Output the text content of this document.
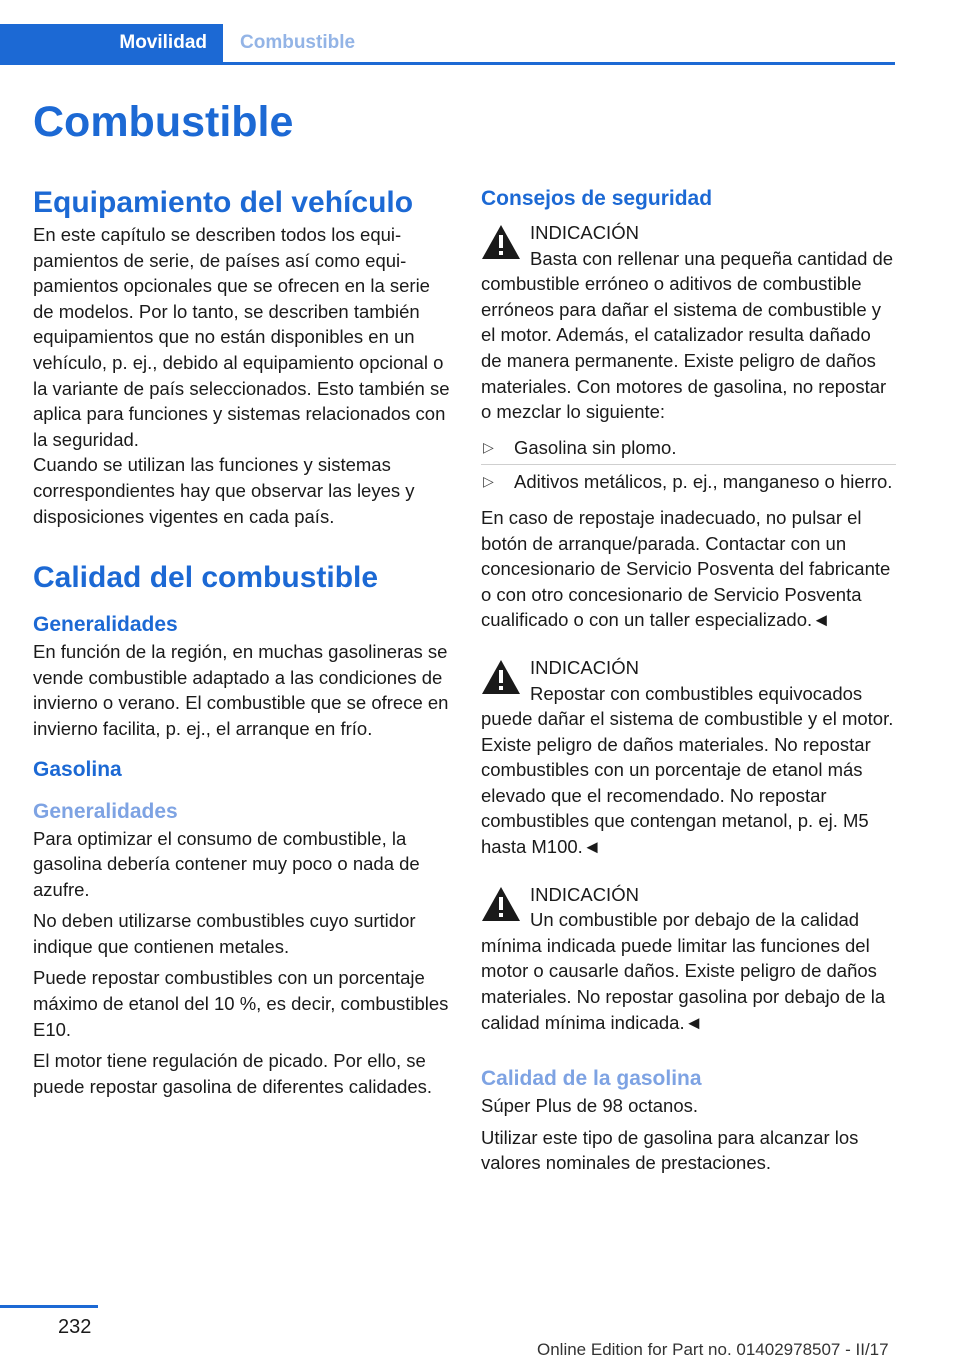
Movilidad	Combustible
Combustible
Equipamiento del vehículo

En este capítulo se describen todos los equipamientos de serie, de países así como equipamientos opcionales que se ofrecen en la serie de modelos. Por lo tanto, se describen también equipamientos que no están disponibles en un vehículo, p. ej., debido al equipamiento opcional o la variante de país seleccionados. Esto también se aplica para funciones y sistemas relacionados con la seguridad.

Cuando se utilizan las funciones y sistemas correspondientes hay que observar las leyes y disposiciones vigentes en cada país.

Calidad del combustible
Generalidades

En función de la región, en muchas gasolineras se vende combustible adaptado a las condiciones de invierno o verano. El combustible que se ofrece en invierno facilita, p. ej., el arranque en frío.

Gasolina
Generalidades

Para optimizar el consumo de combustible, la gasolina debería contener muy poco o nada de azufre.

No deben utilizarse combustibles cuyo surtidor indique que contienen metales.

Puede repostar combustibles con un porcentaje máximo de etanol del 10 %, es decir, combustibles E10.

El motor tiene regulación de picado. Por ello, se puede repostar gasolina de diferentes calidades.

Consejos de seguridad
INDICACIÓN

Basta con rellenar una pequeña cantidad de combustible erróneo o aditivos de combustible erróneos para dañar el sistema de combustible y el motor. Además, el catalizador resulta dañado de manera permanente. Existe peligro de daños materiales. Con motores de gasolina, no repostar o mezclar lo siguiente:

▷ Gasolina sin plomo.
▷ Aditivos metálicos, p. ej., manganeso o hierro.

En caso de repostaje inadecuado, no pulsar el botón de arranque/parada. Contactar con un concesionario de Servicio Posventa del fabricante o con otro concesionario de Servicio Posventa cualificado o con un taller especializado.◄

INDICACIÓN

Repostar con combustibles equivocados puede dañar el sistema de combustible y el motor. Existe peligro de daños materiales. No repostar combustibles con un porcentaje de etanol más elevado que el recomendado. No repostar combustibles que contengan metanol, p. ej. M5 hasta M100.◄

INDICACIÓN

Un combustible por debajo de la calidad mínima indicada puede limitar las funciones del motor o causarle daños. Existe peligro de daños materiales. No repostar gasolina por debajo de la calidad mínima indicada.◄

Calidad de la gasolina

Súper Plus de 98 octanos.

Utilizar este tipo de gasolina para alcanzar los valores nominales de prestaciones.

232
Online Edition for Part no. 01402978507 - II/17
